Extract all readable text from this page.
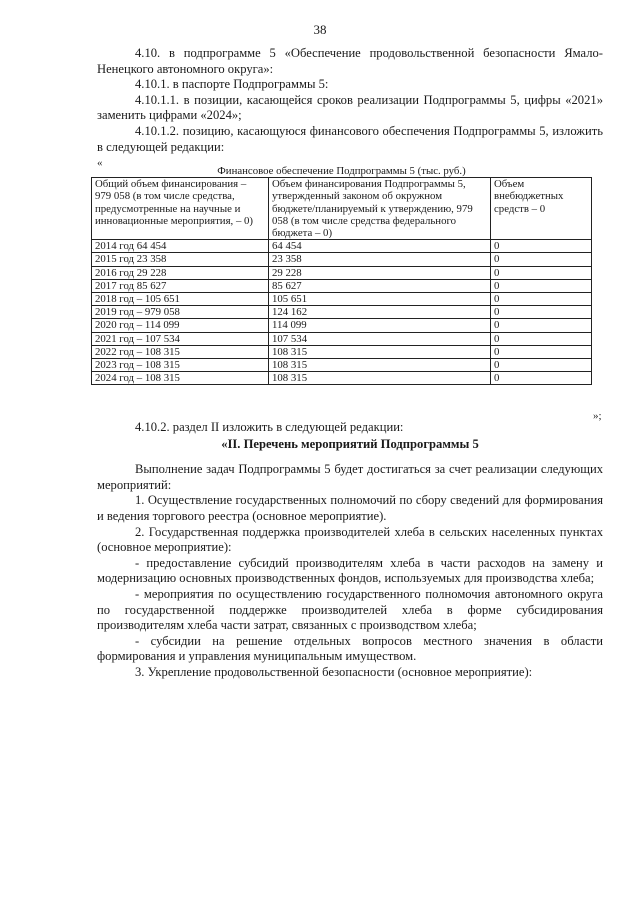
38

4.10. в подпрограмме 5 «Обеспечение продовольственной безопасности Ямало-Ненецкого автономного округа»:

4.10.1. в паспорте Подпрограммы 5:

4.10.1.1. в позиции, касающейся сроков реализации Подпрограммы 5, цифры «2021» заменить цифрами «2024»;

4.10.1.2. позицию, касающуюся финансового обеспечения Подпрограммы 5, изложить в следующей редакции:

«
Финансовое обеспечение Подпрограммы 5 (тыс. руб.)		
Общий объем финансирования – 979 058 (в том числе средства, предусмотренные на научные и инновационные мероприятия, – 0)	Объем финансирования Подпрограммы 5, утвержденный законом об окружном бюджете/планируемый к утверждению, 979 058 (в том числе средства федерального бюджета – 0)	Объем внебюджетных средств – 0
2014 год 64 454	64 454	0
2015 год 23 358	23 358	0
2016 год 29 228	29 228	0
2017 год 85 627	85 627	0
2018 год – 105 651	105 651	0
2019 год – 979 058	124 162	0
2020 год – 114 099	114 099	0
2021 год – 107 534	107 534	0
2022 год – 108 315	108 315	0
2023 год – 108 315	108 315	0
2024 год – 108 315	108 315	0
»;

4.10.2. раздел II изложить в следующей редакции:

«II. Перечень мероприятий Подпрограммы 5

Выполнение задач Подпрограммы 5 будет достигаться за счет реализации следующих мероприятий:

1. Осуществление государственных полномочий по сбору сведений для формирования и ведения торгового реестра (основное мероприятие).

2. Государственная поддержка производителей хлеба в сельских населенных пунктах (основное мероприятие):

- предоставление субсидий производителям хлеба в части расходов на замену и модернизацию основных производственных фондов, используемых для производства хлеба;

- мероприятия по осуществлению государственного полномочия автономного округа по государственной поддержке производителей хлеба в форме субсидирования производителям хлеба части затрат, связанных с производством хлеба;

- субсидии на решение отдельных вопросов местного значения в области формирования и управления муниципальным имуществом.

3. Укрепление продовольственной безопасности (основное мероприятие):
